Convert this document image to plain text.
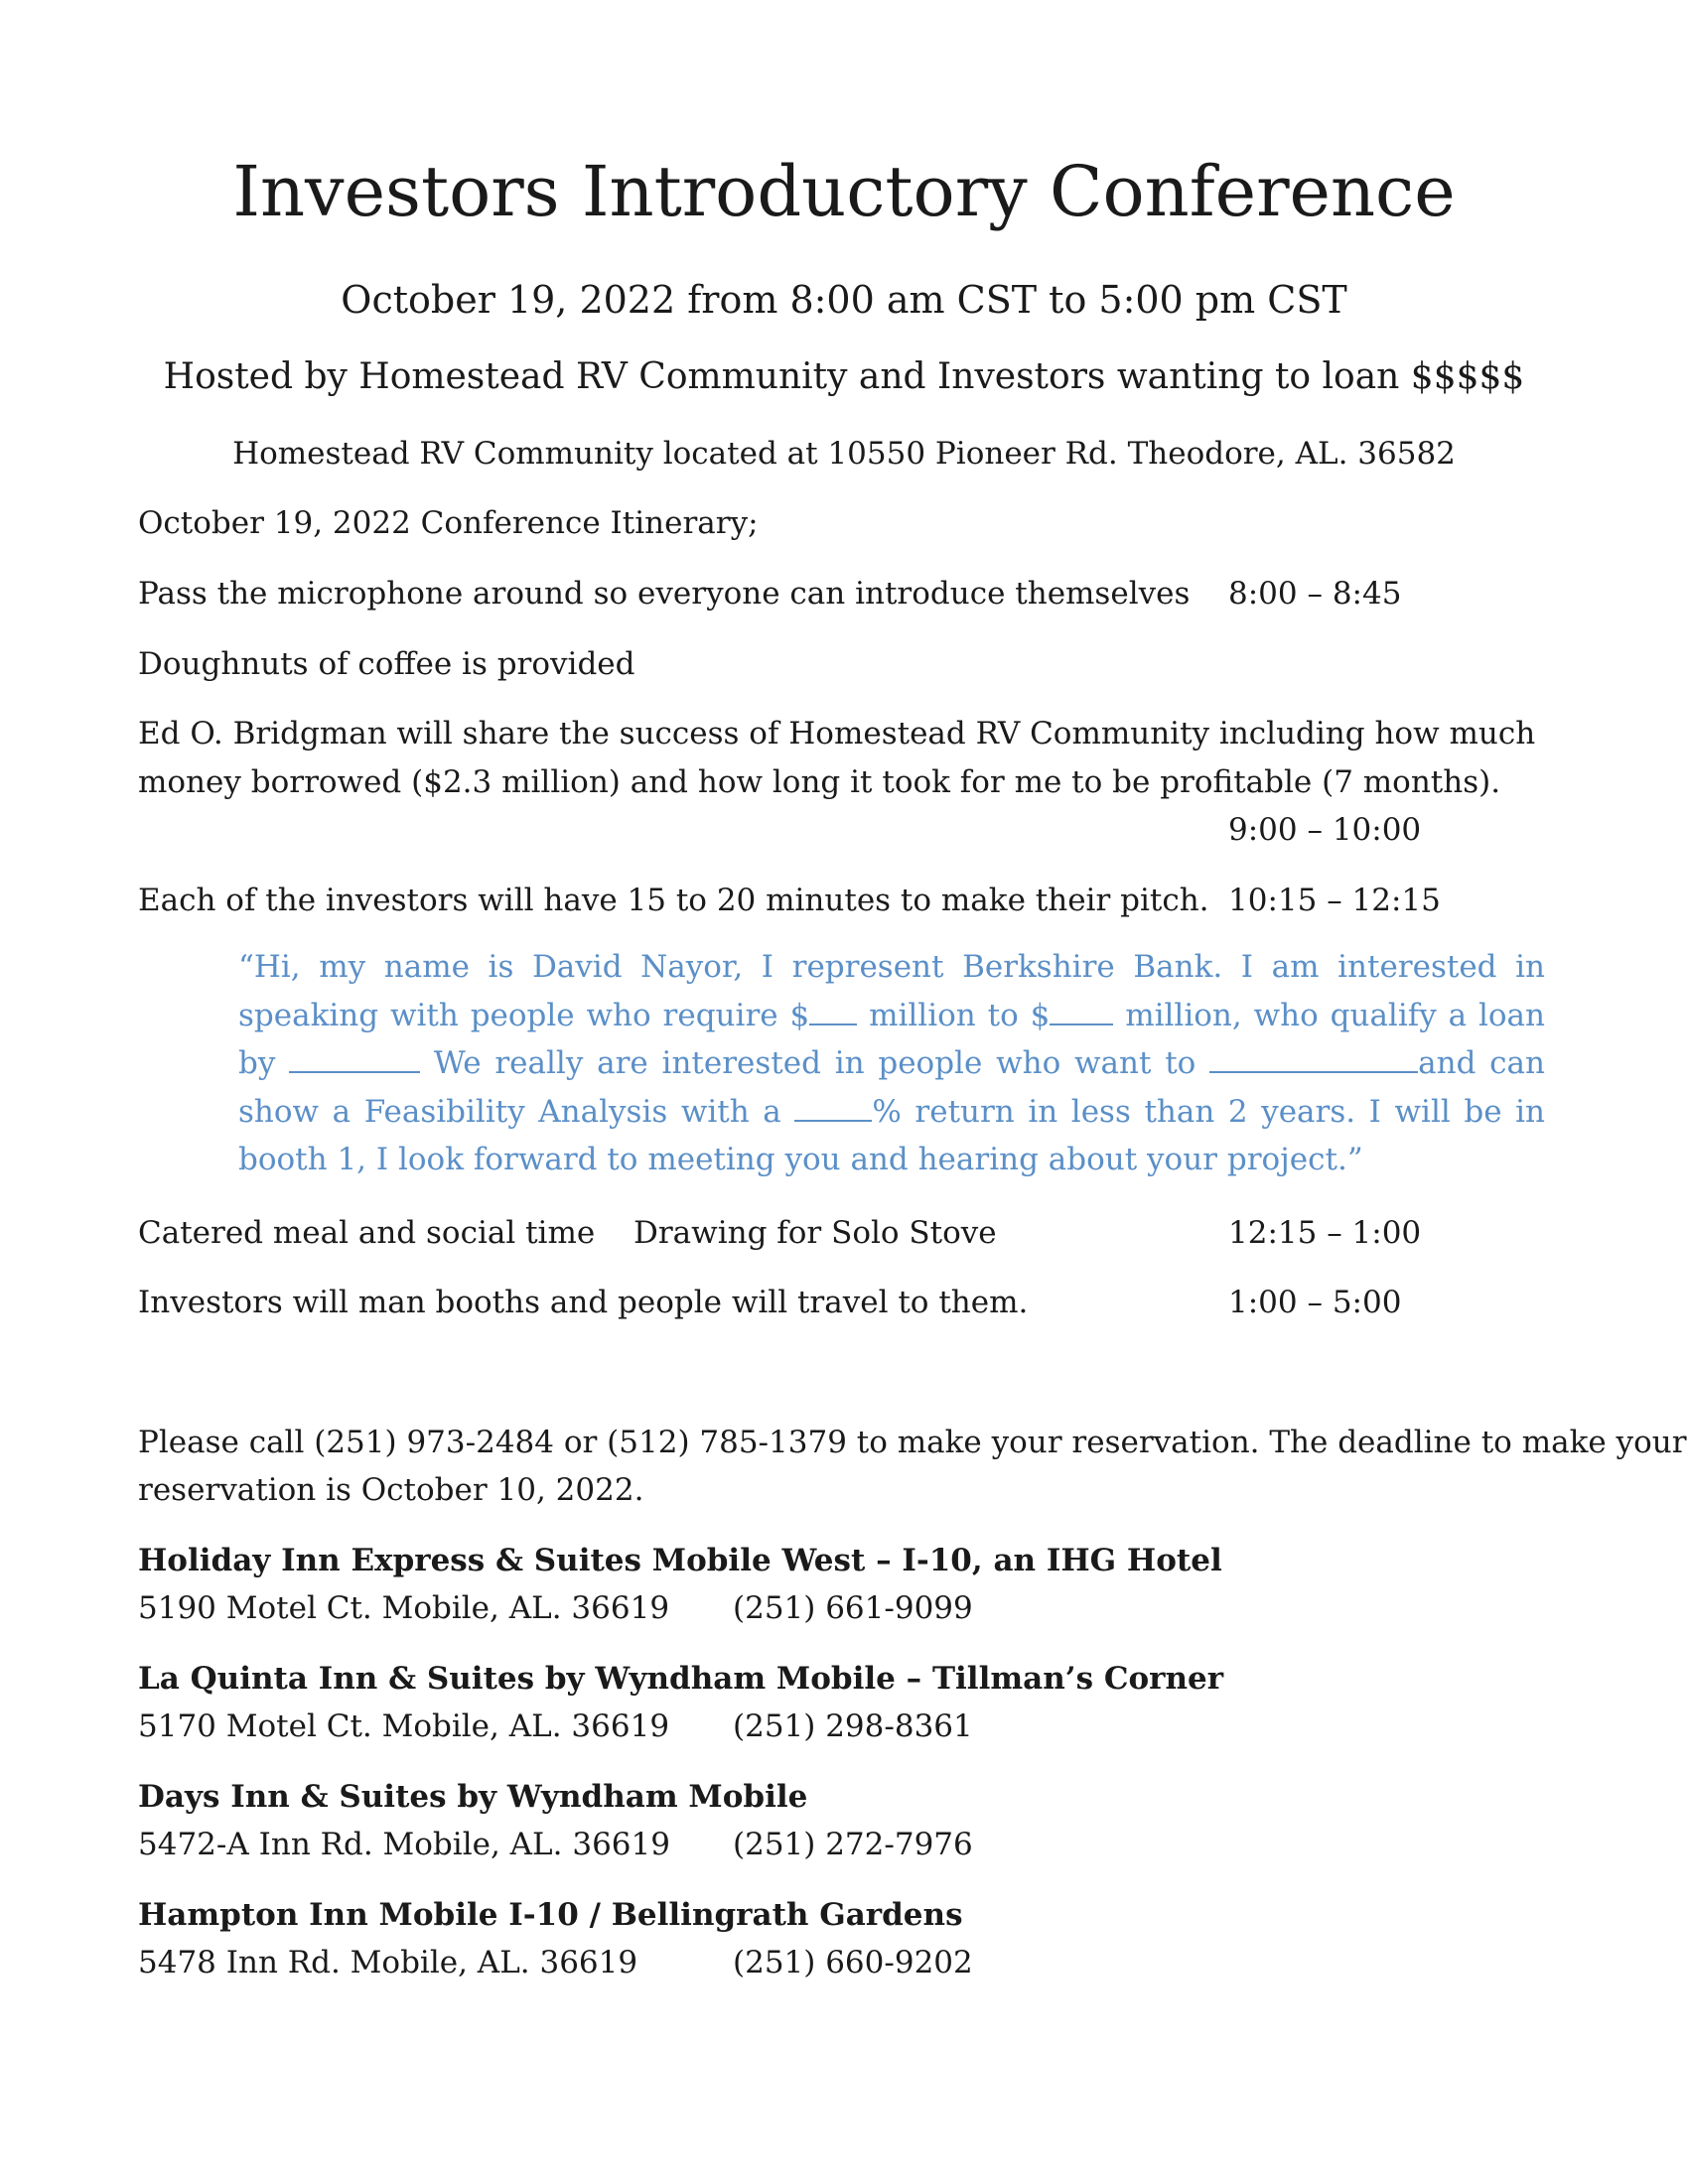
Investors Introductory Conference
October 19, 2022 from 8:00 am CST to 5:00 pm CST
Hosted by Homestead RV Community and Investors wanting to loan $$$$$
Homestead RV Community located at 10550 Pioneer Rd. Theodore, AL. 36582
October 19, 2022 Conference Itinerary;
Pass the microphone around so everyone can introduce themselves 8:00 – 8:45
Doughnuts of coffee is provided
Ed O. Bridgman will share the success of Homestead RV Community including how much
money borrowed ($2.3 million) and how long it took for me to be profitable (7 months).
9:00 – 10:00
Each of the investors will have 15 to 20 minutes to make their pitch. 10:15 – 12:15
“Hi, my name is David Nayor, I represent Berkshire Bank. I am interested in speaking with people who require $ million to $ million, who qualify a loan by	We really are interested in people who want to	and can show a Feasibility Analysis with a	% return in less than 2 years. I will be in booth 1, I look forward to meeting you and hearing about your project.”
Catered meal and social time Drawing for Solo Stove	12:15 – 1:00
Investors will man booths and people will travel to them.	1:00 – 5:00
Please call (251) 973-2484 or (512) 785-1379 to make your reservation. The deadline to make your
reservation is October 10, 2022.
Holiday Inn Express & Suites Mobile West – I-10, an IHG Hotel
5190 Motel Ct. Mobile, AL. 36619 (251) 661-9099
La Quinta Inn & Suites by Wyndham Mobile – Tillman’s Corner
5170 Motel Ct. Mobile, AL. 36619 (251) 298-8361
Days Inn & Suites by Wyndham Mobile
5472-A Inn Rd. Mobile, AL. 36619 (251) 272-7976
Hampton Inn Mobile I-10 / Bellingrath Gardens
5478 Inn Rd. Mobile, AL. 36619	(251) 660-9202
